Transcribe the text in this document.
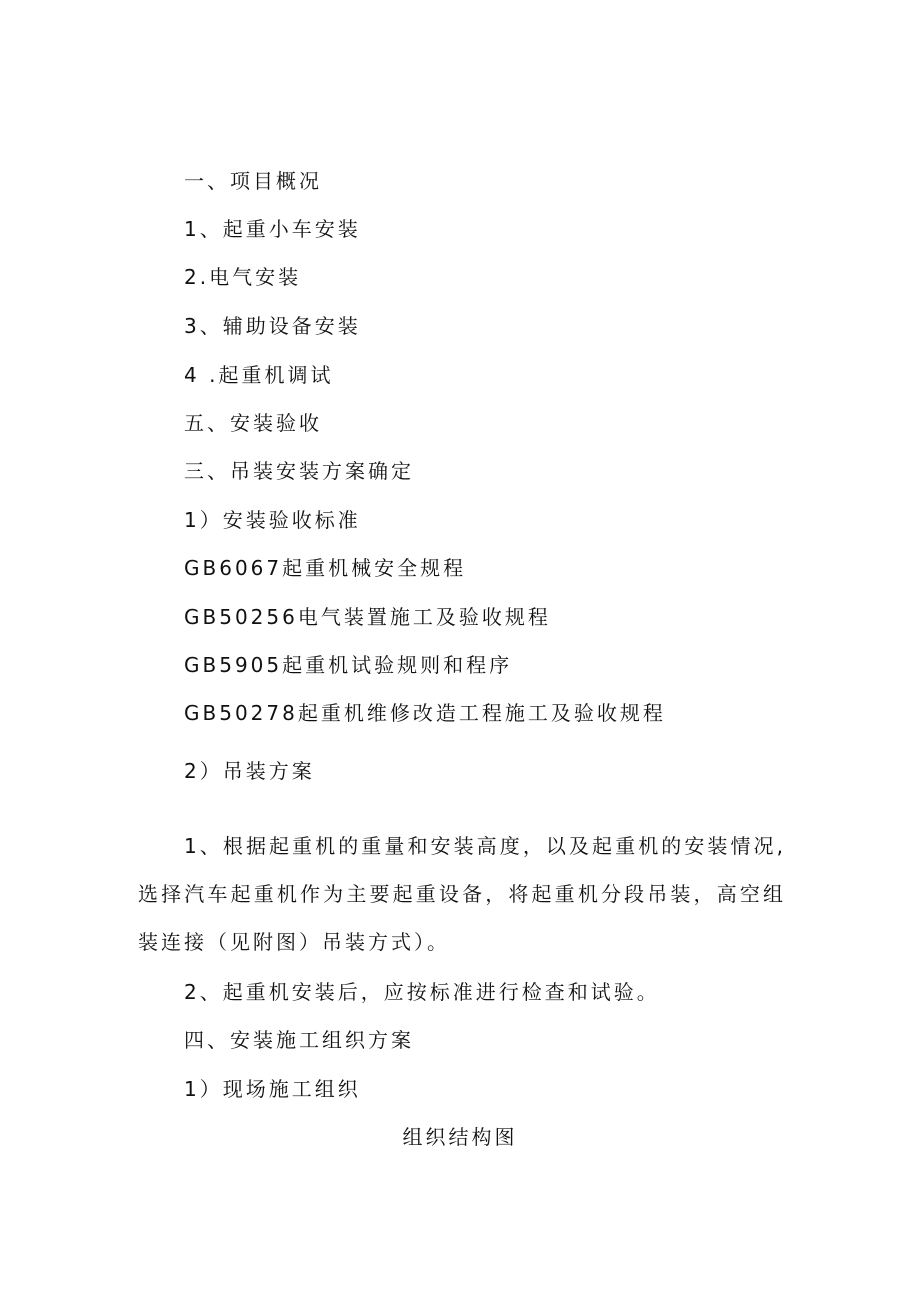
一、项目概况
1、起重小车安装
2.电气安装
3、辅助设备安装
4 .起重机调试
五、安装验收
三、吊装安装方案确定
1）安装验收标准
GB6067起重机械安全规程
GB50256电气装置施工及验收规程
GB5905起重机试验规则和程序
GB50278起重机维修改造工程施工及验收规程
2）吊装方案
1、根据起重机的重量和安装高度，以及起重机的安装情况,选择汽车起重机作为主要起重设备，将起重机分段吊装，高空组装连接（见附图）吊装方式）。
2、起重机安装后，应按标准进行检查和试验。
四、安装施工组织方案
1）现场施工组织
组织结构图
